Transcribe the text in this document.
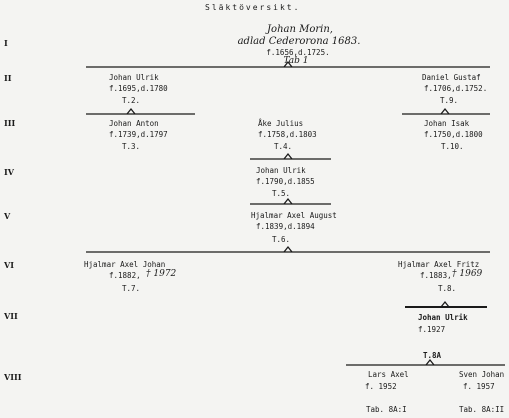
Släktöversikt.
I
II
III
IV
V
VI
VII
VIII
Johan Morin,
adlad Cederorona 1683.
f.1656,d.1725.
Tab 1
Johan Ulrik
f.1695,d.1780
T.2.
Daniel Gustaf
f.1706,d.1752.
T.9.
Johan Anton
f.1739,d.1797
T.3.
Åke Julius
f.1758,d.1803
T.4.
Johan Isak
f.1750,d.1800
T.10.
Johan Ulrik
f.1790,d.1855
T.5.
Hjalmar Axel August
f.1839,d.1894
T.6.
Hjalmar Axel Johan
f.1882, † 1972
T.7.
Hjalmar Axel Fritz
f.1883, † 1969
T.8.
Johan Ulrik
f.1927
T.8A
Lars Axel
f. 1952
Tab. 8A:I
Sven Johan
f. 1957
Tab. 8A:II
